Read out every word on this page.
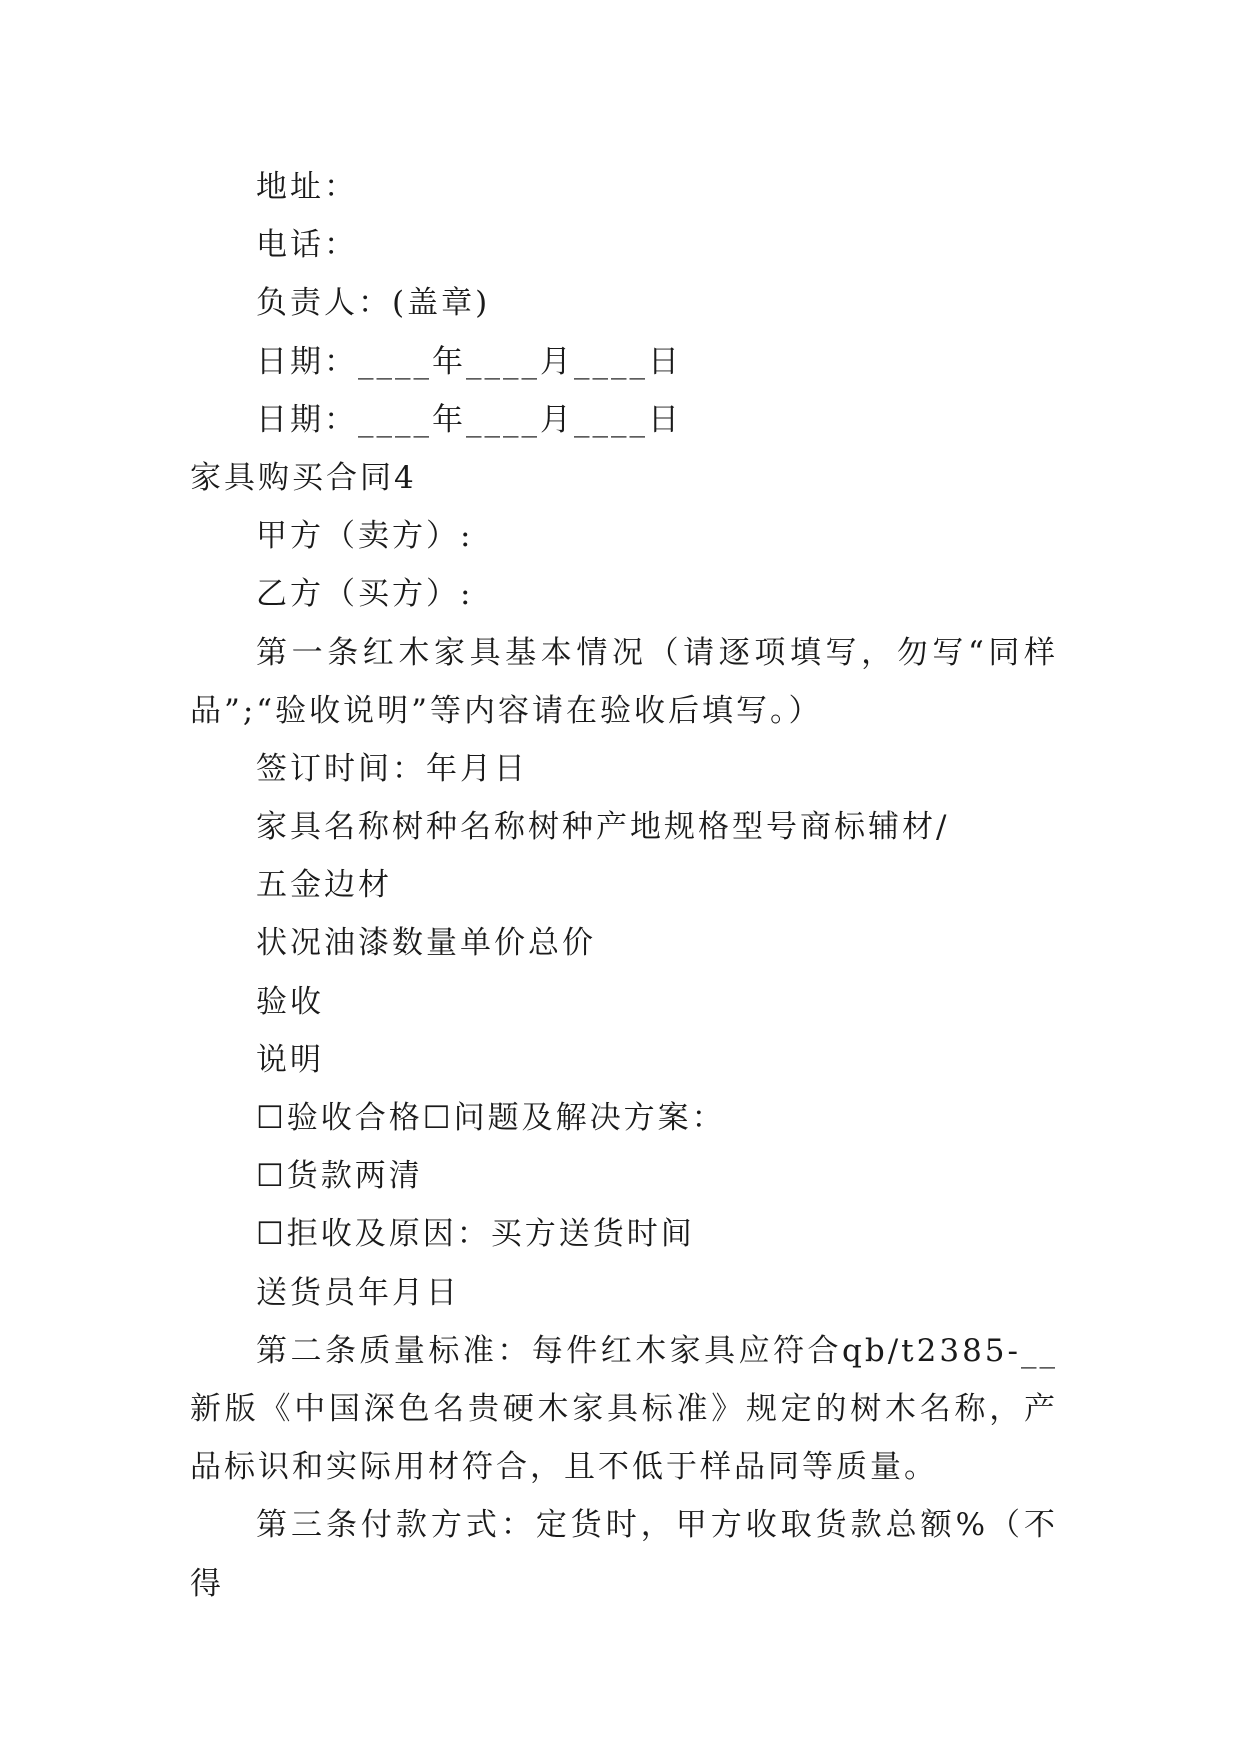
地址：
电话：
负责人：(盖章)
日期：____年____月____日
日期：____年____月____日
家具购买合同4
甲方（卖方）:
乙方（买方）:

第一条红木家具基本情况（请逐项填写，勿写“同样品”;“验收说明”等内容请在验收后填写。）

签订时间：年月日
家具名称树种名称树种产地规格型号商标辅材/
五金边材
状况油漆数量单价总价
验收
说明
☐验收合格☐问题及解决方案：
☐货款两清
☐拒收及原因：买方送货时间
送货员年月日

第二条质量标准：每件红木家具应符合qb/t2385-__新版《中国深色名贵硬木家具标准》规定的树木名称，产品标识和实际用材符合，且不低于样品同等质量。

第三条付款方式：定货时，甲方收取货款总额%（不得
